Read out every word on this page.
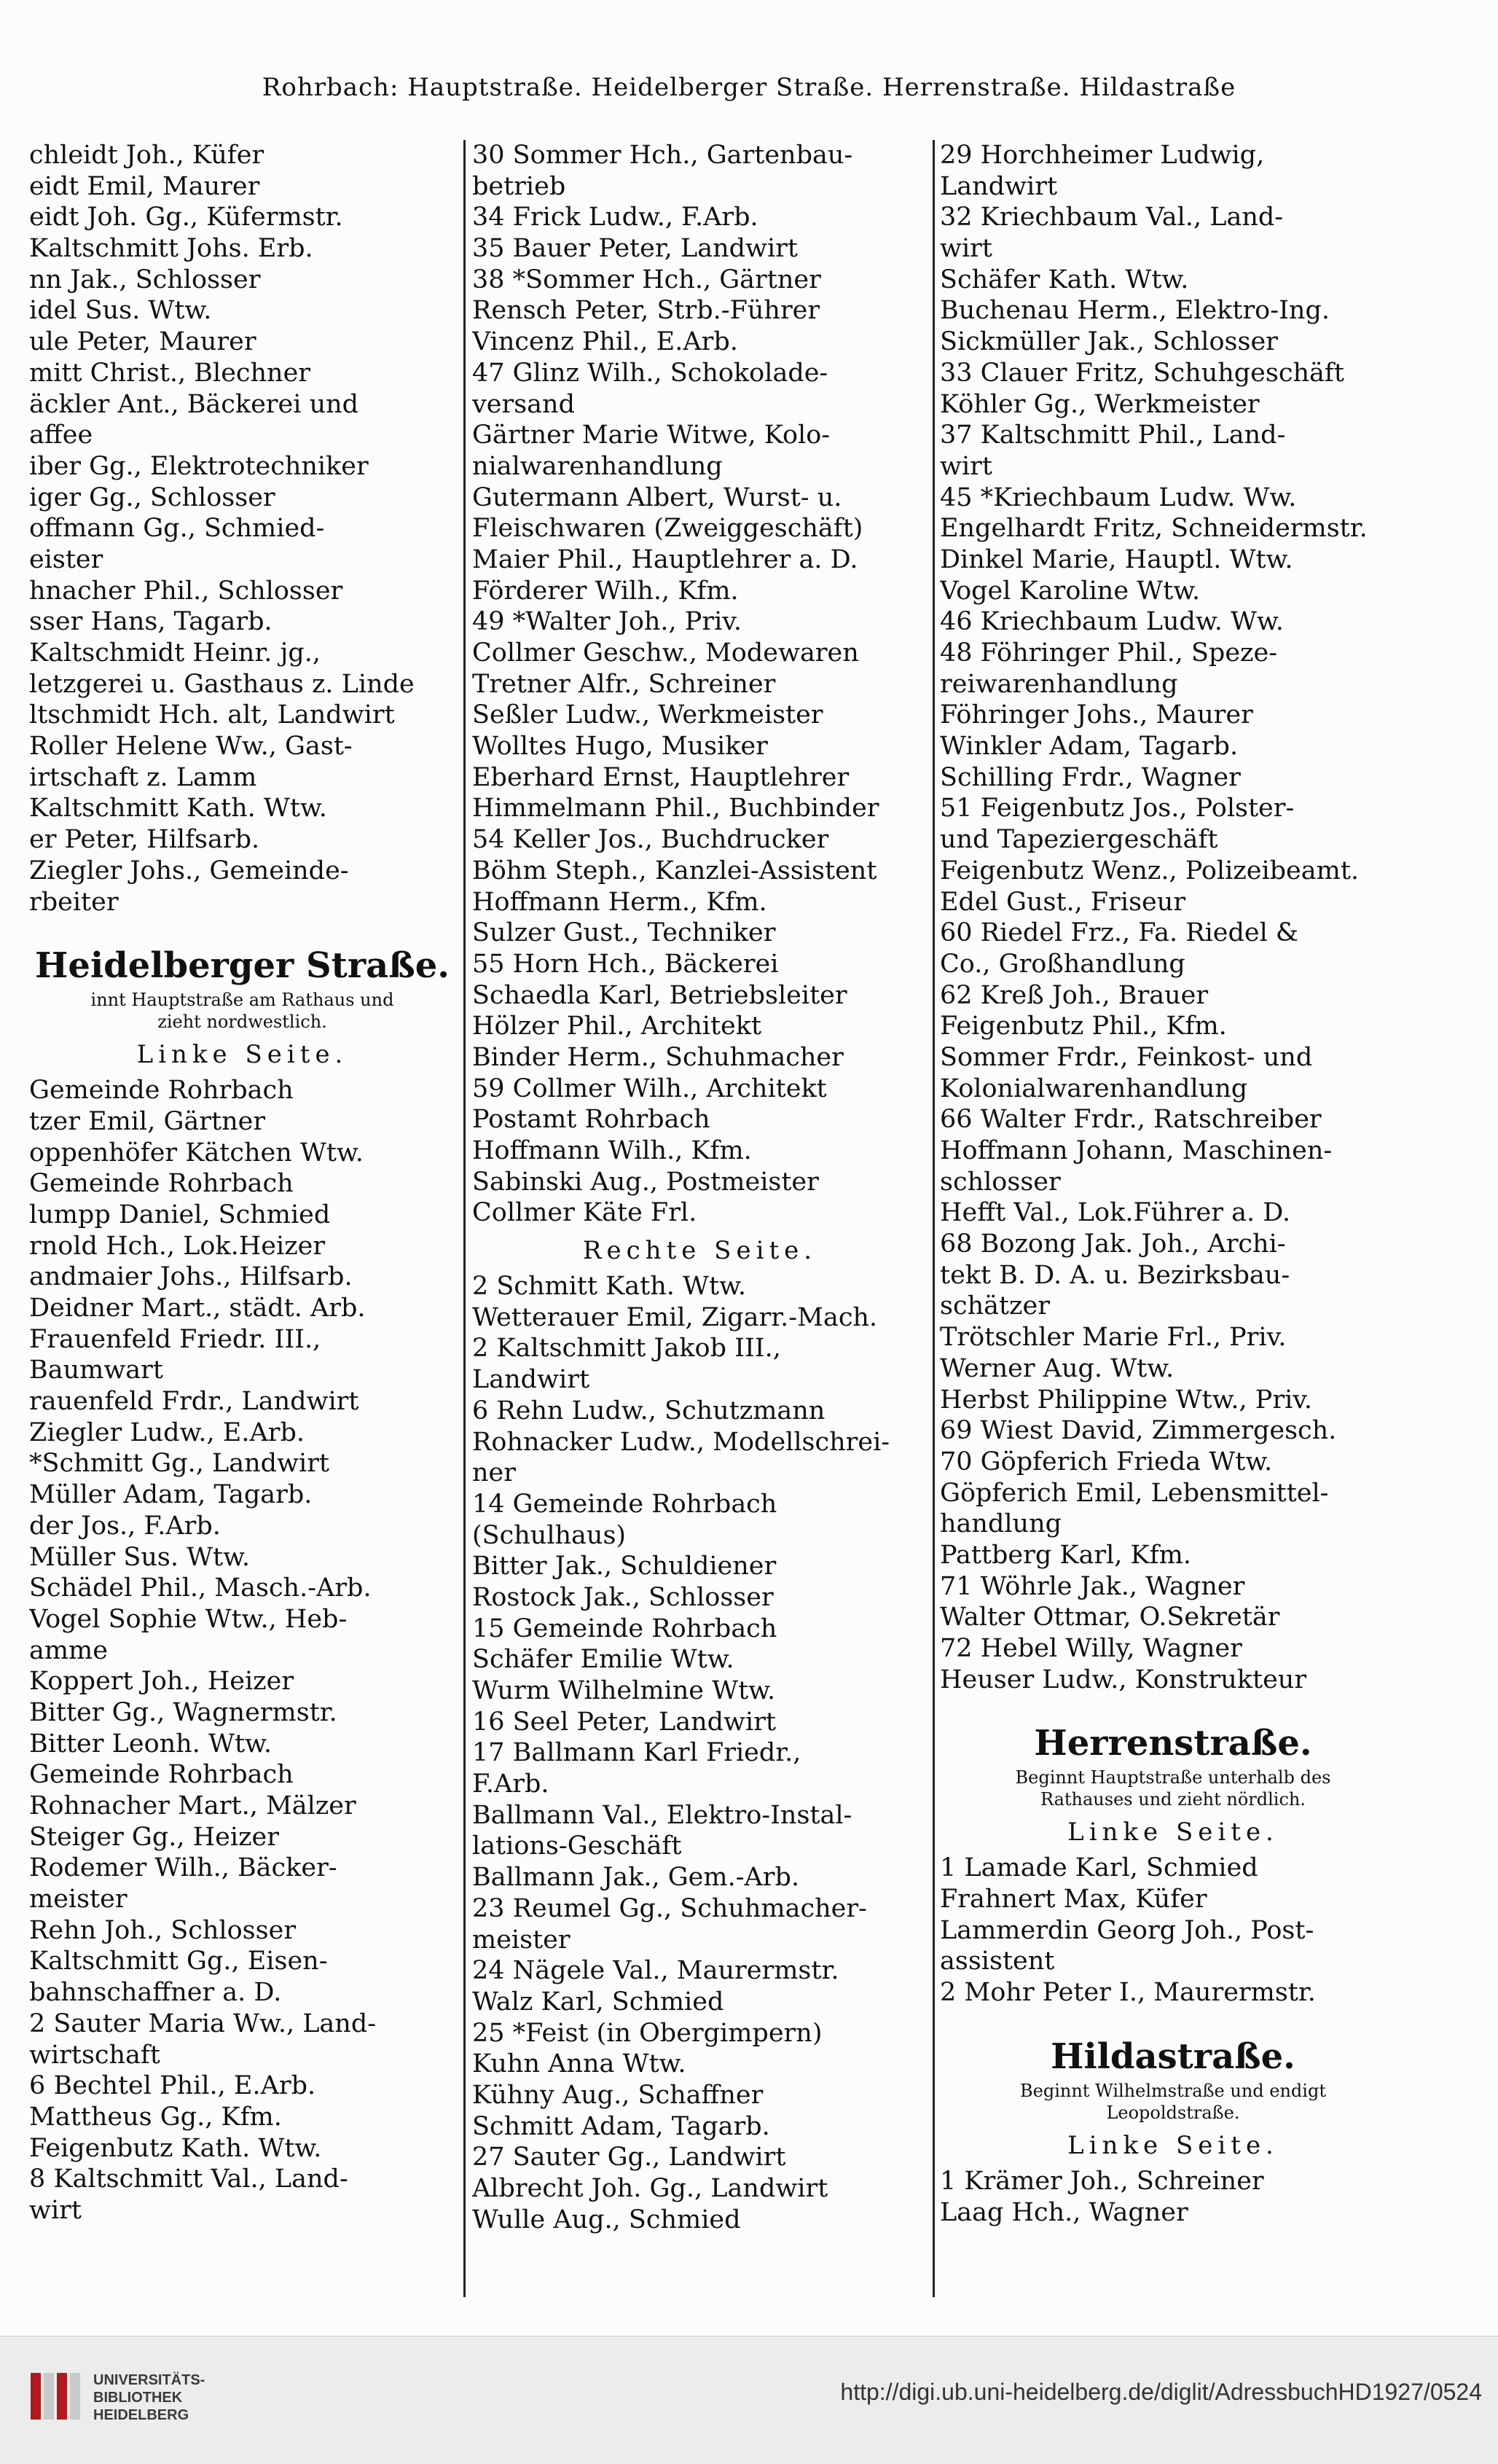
Rohrbach: Hauptstraße. Heidelberger Straße. Herrenstraße. Hildastraße
chleidt Joh., Küfer
eidt Emil, Maurer
eidt Joh. Gg., Küfermstr.
Kaltschmitt Johs. Erb.
nn Jak., Schlosser
idel Sus. Wtw.
ule Peter, Maurer
mitt Christ., Blechner
äckler Ant., Bäckerei und
affee
iber Gg., Elektrotechniker
iger Gg., Schlosser
offmann Gg., Schmied-
eister
hnacher Phil., Schlosser
sser Hans, Tagarb.
Kaltschmidt Heinr. jg.,
letzgerei u. Gasthaus z. Linde
ltschmidt Hch. alt, Landwirt
Roller Helene Ww., Gast-
irtschaft z. Lamm
Kaltschmitt Kath. Wtw.
er Peter, Hilfsarb.
Ziegler Johs., Gemeinde-
rbeiter
Heidelberger Straße.
innt Hauptstraße am Rathaus und
zieht nordwestlich.
Linke Seite.
Gemeinde Rohrbach
tzer Emil, Gärtner
oppenhöfer Kätchen Wtw.
Gemeinde Rohrbach
lumpp Daniel, Schmied
rnold Hch., Lok.Heizer
andmaier Johs., Hilfsarb.
Deidner Mart., städt. Arb.
Frauenfeld Friedr. III.,
Baumwart
rauenfeld Frdr., Landwirt
Ziegler Ludw., E.Arb.
*Schmitt Gg., Landwirt
Müller Adam, Tagarb.
der Jos., F.Arb.
Müller Sus. Wtw.
Schädel Phil., Masch.-Arb.
Vogel Sophie Wtw., Heb-
amme
Koppert Joh., Heizer
Bitter Gg., Wagnermstr.
Bitter Leonh. Wtw.
Gemeinde Rohrbach
Rohnacher Mart., Mälzer
Steiger Gg., Heizer
Rodemer Wilh., Bäcker-
meister
Rehn Joh., Schlosser
Kaltschmitt Gg., Eisen-
bahnschaffner a. D.
2 Sauter Maria Ww., Land-
wirtschaft
6 Bechtel Phil., E.Arb.
Mattheus Gg., Kfm.
Feigenbutz Kath. Wtw.
8 Kaltschmitt Val., Land-
wirt
30 Sommer Hch., Gartenbau-
betrieb
34 Frick Ludw., F.Arb.
35 Bauer Peter, Landwirt
38 *Sommer Hch., Gärtner
Rensch Peter, Strb.-Führer
Vincenz Phil., E.Arb.
47 Glinz Wilh., Schokolade-
versand
Gärtner Marie Witwe, Kolo-
nialwarenhandlung
Gutermann Albert, Wurst- u.
Fleischwaren (Zweiggeschäft)
Maier Phil., Hauptlehrer a. D.
Förderer Wilh., Kfm.
49 *Walter Joh., Priv.
Collmer Geschw., Modewaren
Tretner Alfr., Schreiner
Seßler Ludw., Werkmeister
Wolltes Hugo, Musiker
Eberhard Ernst, Hauptlehrer
Himmelmann Phil., Buchbinder
54 Keller Jos., Buchdrucker
Böhm Steph., Kanzlei-Assistent
Hoffmann Herm., Kfm.
Sulzer Gust., Techniker
55 Horn Hch., Bäckerei
Schaedla Karl, Betriebsleiter
Hölzer Phil., Architekt
Binder Herm., Schuhmacher
59 Collmer Wilh., Architekt
Postamt Rohrbach
Hoffmann Wilh., Kfm.
Sabinski Aug., Postmeister
Collmer Käte Frl.
Rechte Seite.
2 Schmitt Kath. Wtw.
Wetterauer Emil, Zigarr.-Mach.
2 Kaltschmitt Jakob III.,
Landwirt
6 Rehn Ludw., Schutzmann
Rohnacker Ludw., Modellschrei-
ner
14 Gemeinde Rohrbach
(Schulhaus)
Bitter Jak., Schuldiener
Rostock Jak., Schlosser
15 Gemeinde Rohrbach
Schäfer Emilie Wtw.
Wurm Wilhelmine Wtw.
16 Seel Peter, Landwirt
17 Ballmann Karl Friedr.,
F.Arb.
Ballmann Val., Elektro-Instal-
lations-Geschäft
Ballmann Jak., Gem.-Arb.
23 Reumel Gg., Schuhmacher-
meister
24 Nägele Val., Maurermstr.
Walz Karl, Schmied
25 *Feist (in Obergimpern)
Kuhn Anna Wtw.
Kühny Aug., Schaffner
Schmitt Adam, Tagarb.
27 Sauter Gg., Landwirt
Albrecht Joh. Gg., Landwirt
Wulle Aug., Schmied
29 Horchheimer Ludwig,
Landwirt
32 Kriechbaum Val., Land-
wirt
Schäfer Kath. Wtw.
Buchenau Herm., Elektro-Ing.
Sickmüller Jak., Schlosser
33 Clauer Fritz, Schuhgeschäft
Köhler Gg., Werkmeister
37 Kaltschmitt Phil., Land-
wirt
45 *Kriechbaum Ludw. Ww.
Engelhardt Fritz, Schneidermstr.
Dinkel Marie, Hauptl. Wtw.
Vogel Karoline Wtw.
46 Kriechbaum Ludw. Ww.
48 Föhringer Phil., Speze-
reiwarenhandlung
Föhringer Johs., Maurer
Winkler Adam, Tagarb.
Schilling Frdr., Wagner
51 Feigenbutz Jos., Polster-
und Tapeziergeschäft
Feigenbutz Wenz., Polizeibeamt.
Edel Gust., Friseur
60 Riedel Frz., Fa. Riedel &
Co., Großhandlung
62 Kreß Joh., Brauer
Feigenbutz Phil., Kfm.
Sommer Frdr., Feinkost- und
Kolonialwarenhandlung
66 Walter Frdr., Ratschreiber
Hoffmann Johann, Maschinen-
schlosser
Hefft Val., Lok.Führer a. D.
68 Bozong Jak. Joh., Archi-
tekt B. D. A. u. Bezirksbau-
schätzer
Trötschler Marie Frl., Priv.
Werner Aug. Wtw.
Herbst Philippine Wtw., Priv.
69 Wiest David, Zimmergesch.
70 Göpferich Frieda Wtw.
Göpferich Emil, Lebensmittel-
handlung
Pattberg Karl, Kfm.
71 Wöhrle Jak., Wagner
Walter Ottmar, O.Sekretär
72 Hebel Willy, Wagner
Heuser Ludw., Konstrukteur
Herrenstraße.
Beginnt Hauptstraße unterhalb des
Rathauses und zieht nördlich.
Linke Seite.
1 Lamade Karl, Schmied
Frahnert Max, Küfer
Lammerdin Georg Joh., Post-
assistent
2 Mohr Peter I., Maurermstr.
Hildastraße.
Beginnt Wilhelmstraße und endigt
Leopoldstraße.
Linke Seite.
1 Krämer Joh., Schreiner
Laag Hch., Wagner
UNIVERSITÄTS-
BIBLIOTHEK
HEIDELBERG
http://digi.ub.uni-heidelberg.de/diglit/AdressbuchHD1927/0524
